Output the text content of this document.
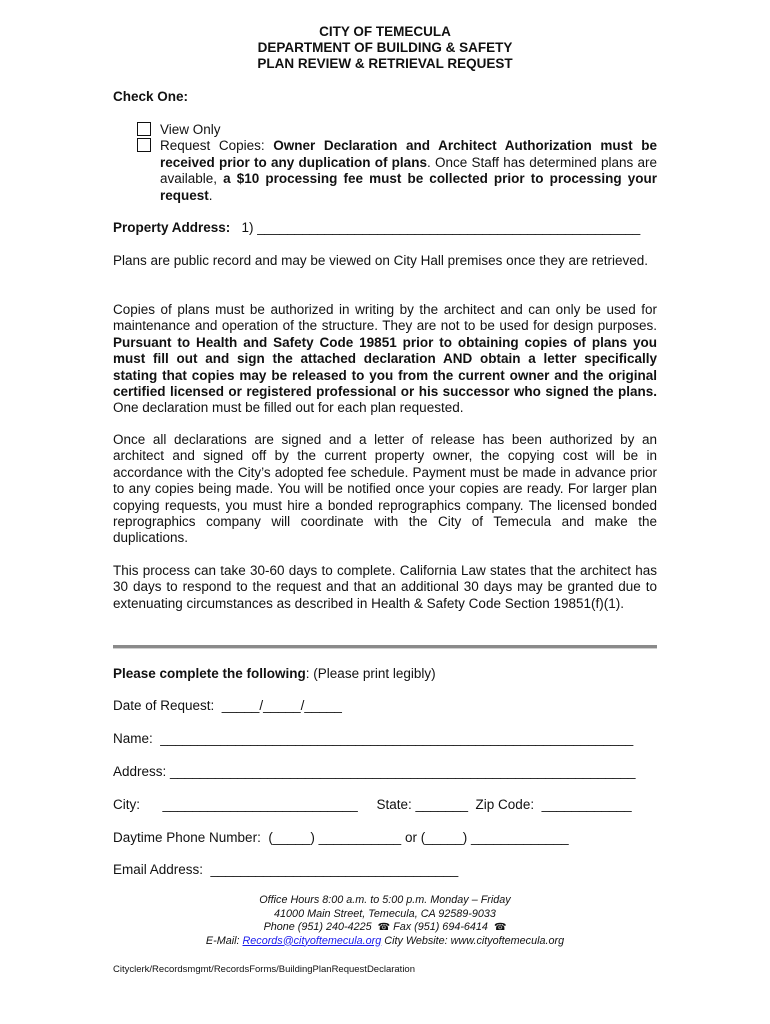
CITY OF TEMECULA
DEPARTMENT OF BUILDING & SAFETY
PLAN REVIEW & RETRIEVAL REQUEST
Check One:
View Only
Request Copies: Owner Declaration and Architect Authorization must be received prior to any duplication of plans. Once Staff has determined plans are available, a $10 processing fee must be collected prior to processing your request.
Property Address: 1) ___________________________________________________
Plans are public record and may be viewed on City Hall premises once they are retrieved.
Copies of plans must be authorized in writing by the architect and can only be used for maintenance and operation of the structure. They are not to be used for design purposes. Pursuant to Health and Safety Code 19851 prior to obtaining copies of plans you must fill out and sign the attached declaration AND obtain a letter specifically stating that copies may be released to you from the current owner and the original certified licensed or registered professional or his successor who signed the plans. One declaration must be filled out for each plan requested.
Once all declarations are signed and a letter of release has been authorized by an architect and signed off by the current property owner, the copying cost will be in accordance with the City’s adopted fee schedule. Payment must be made in advance prior to any copies being made. You will be notified once your copies are ready. For larger plan copying requests, you must hire a bonded reprographics company. The licensed bonded reprographics company will coordinate with the City of Temecula and make the duplications.
This process can take 30-60 days to complete. California Law states that the architect has 30 days to respond to the request and that an additional 30 days may be granted due to extenuating circumstances as described in Health & Safety Code Section 19851(f)(1).
Please complete the following: (Please print legibly)
Date of Request:  _____/_____/_____
Name:  _______________________________________________________________
Address: ______________________________________________________________
City:      __________________________     State: _______  Zip Code:  ____________
Daytime Phone Number:  (_____) ___________ or (_____) _____________
Email Address:  _________________________________
Office Hours 8:00 a.m. to 5:00 p.m. Monday – Friday
41000 Main Street, Temecula, CA 92589-9033
Phone (951) 240-4225 ☎ Fax (951) 694-6414 ☎
E-Mail: Records@cityoftemecula.org City Website: www.cityoftemecula.org
Cityclerk/Recordsmgmt/RecordsForms/BuildingPlanRequestDeclaration
